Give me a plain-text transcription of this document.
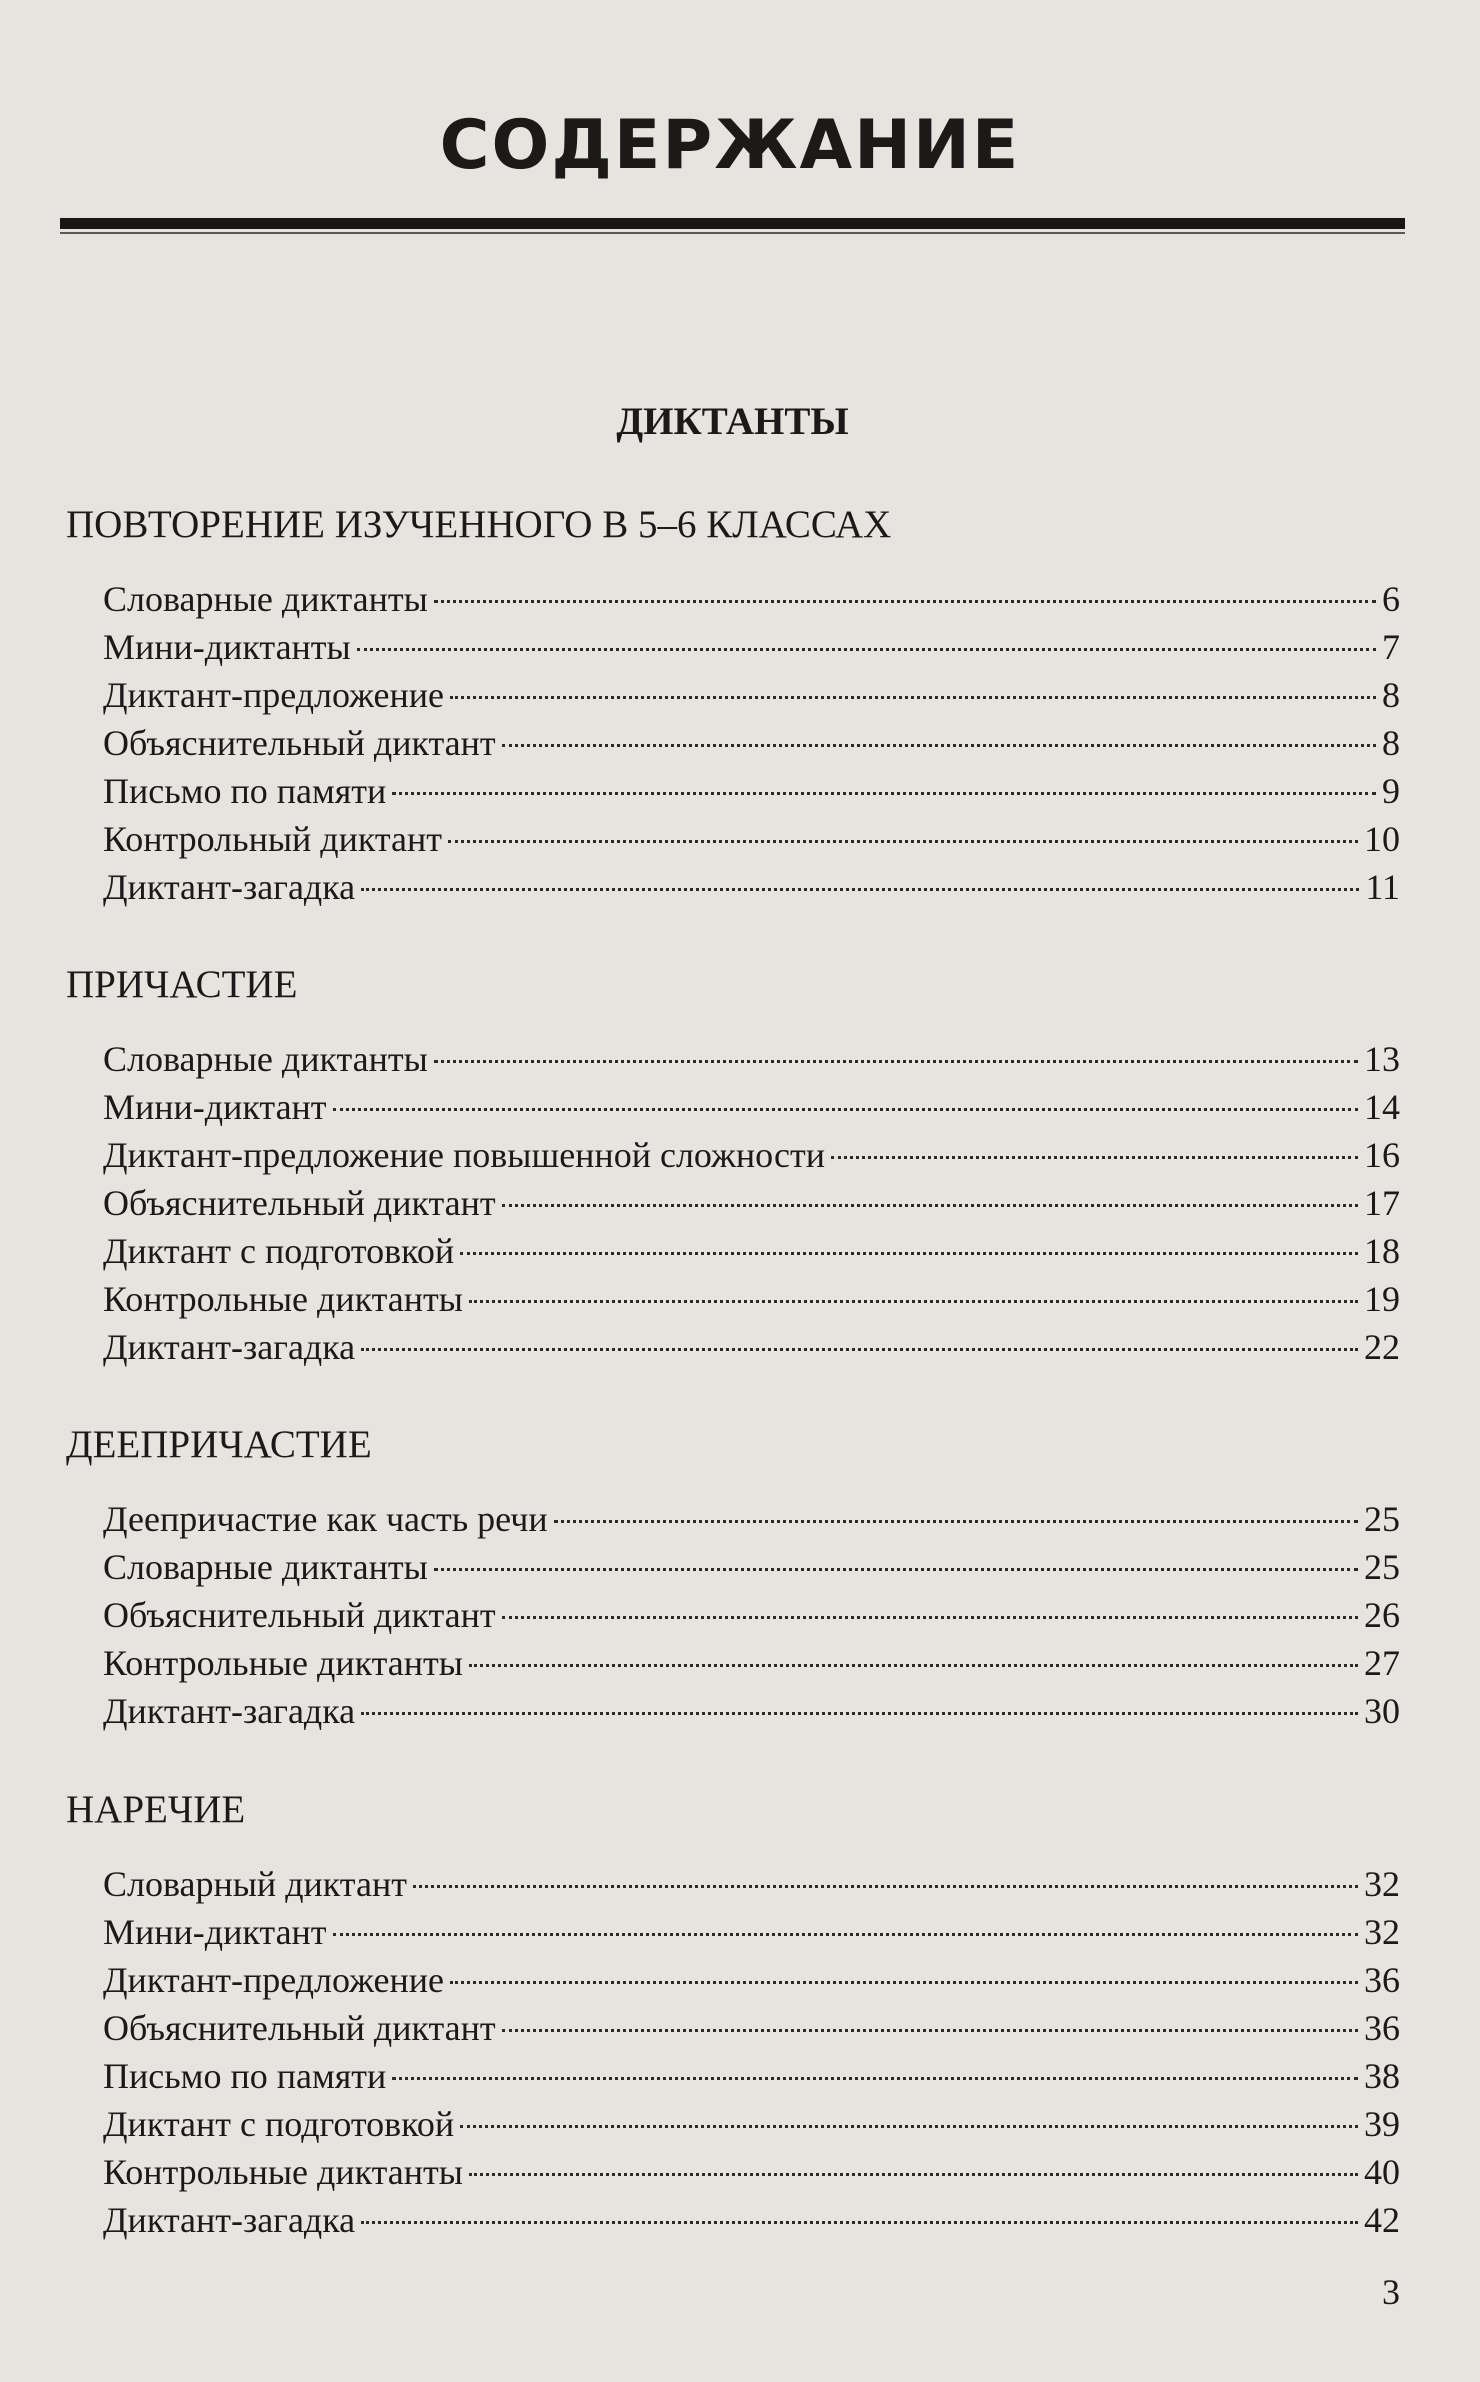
СОДЕРЖАНИЕ
ДИКТАНТЫ
ПОВТОРЕНИЕ ИЗУЧЕННОГО В 5–6 КЛАССАХ
Словарные диктанты	6
Мини-диктанты	7
Диктант-предложение	8
Объяснительный диктант	8
Письмо по памяти	9
Контрольный диктант	10
Диктант-загадка	11
ПРИЧАСТИЕ
Словарные диктанты	13
Мини-диктант	14
Диктант-предложение повышенной сложности	16
Объяснительный диктант	17
Диктант с подготовкой	18
Контрольные диктанты	19
Диктант-загадка	22
ДЕЕПРИЧАСТИЕ
Деепричастие как часть речи	25
Словарные диктанты	25
Объяснительный диктант	26
Контрольные диктанты	27
Диктант-загадка	30
НАРЕЧИЕ
Словарный диктант	32
Мини-диктант	32
Диктант-предложение	36
Объяснительный диктант	36
Письмо по памяти	38
Диктант с подготовкой	39
Контрольные диктанты	40
Диктант-загадка	42
3
